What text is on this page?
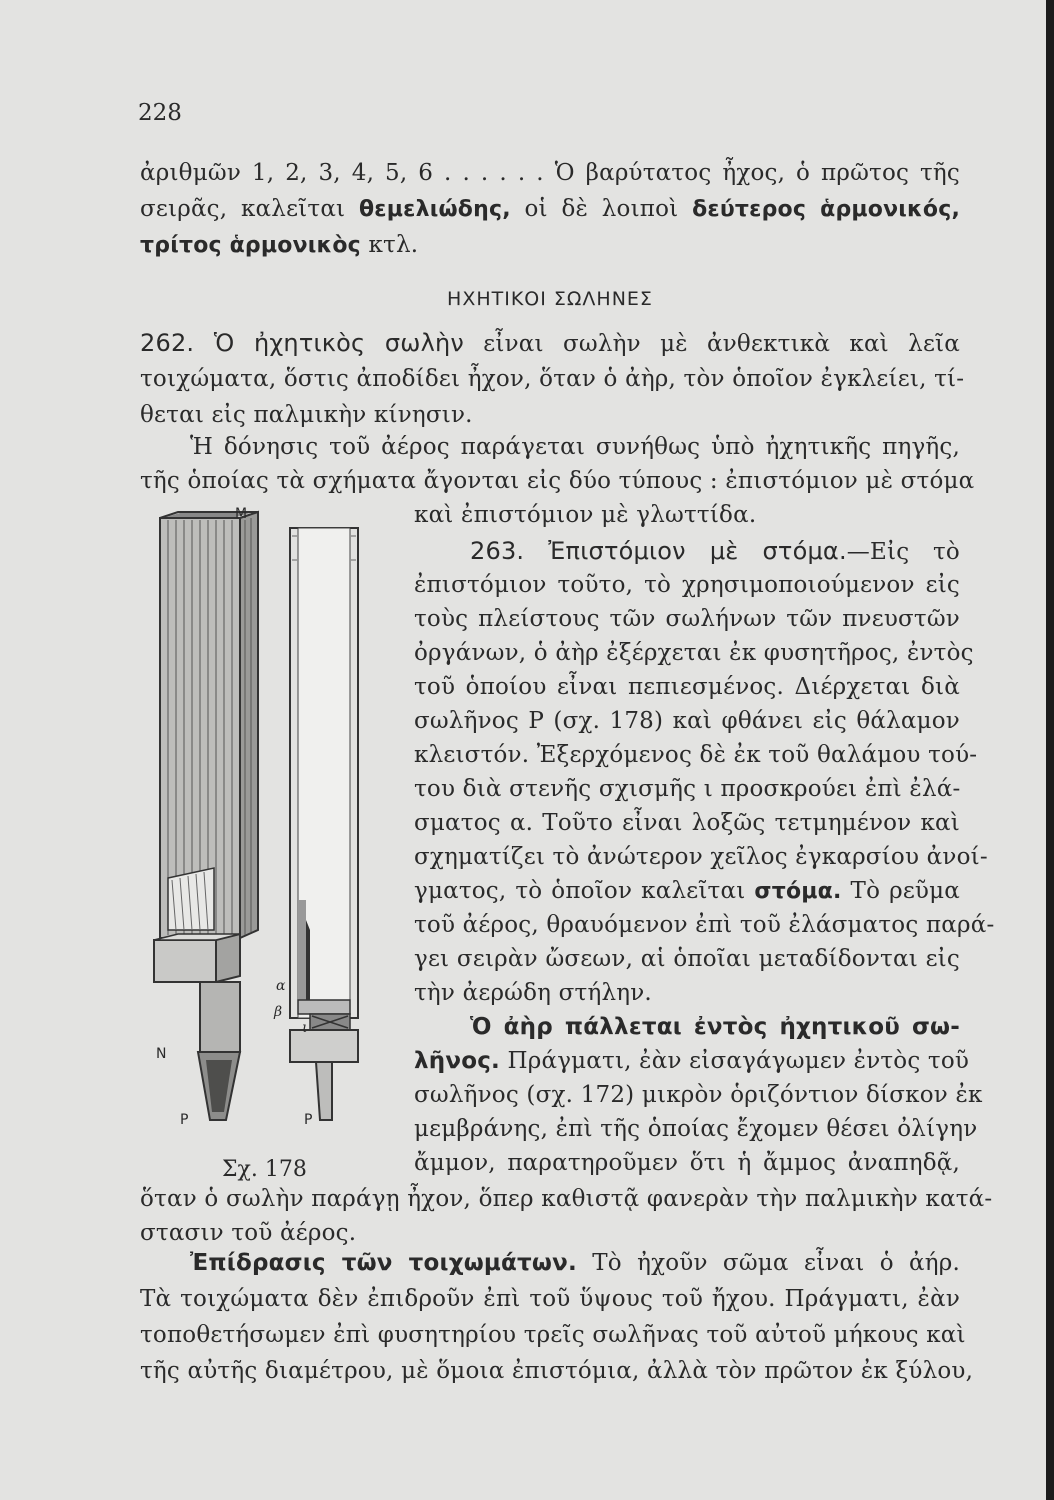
228
ἀριθμῶν 1, 2, 3, 4, 5, 6 . . . . . . Ὁ βαρύτατος ἦχος, ὁ πρῶτος τῆς
σειρᾶς, καλεῖται θεμελιώδης, οἱ δὲ λοιποὶ δεύτερος ἁρμονικός,
τρίτος ἁρμονικὸς κτλ.
ΗΧΗΤΙΚΟΙ ΣΩΛΗΝΕΣ
262. Ὁ ἠχητικὸς σωλὴν εἶναι σωλὴν μὲ ἀνθεκτικὰ καὶ λεῖα
τοιχώματα, ὅστις ἀποδίδει ἦχον, ὅταν ὁ ἀὴρ, τὸν ὁποῖον ἐγκλείει, τί-
θεται εἰς παλμικὴν κίνησιν.
Ἡ δόνησις τοῦ ἀέρος παράγεται συνήθως ὑπὸ ἠχητικῆς πηγῆς,
τῆς ὁποίας τὰ σχήματα ἄγονται εἰς δύο τύπους : ἐπιστόμιον μὲ στόμα
καὶ ἐπιστόμιον μὲ γλωττίδα.
263. Ἐπιστόμιον μὲ στόμα.—Εἰς τὸ
ἐπιστόμιον τοῦτο, τὸ χρησιμοποιούμενον εἰς
τοὺς πλείστους τῶν σωλήνων τῶν πνευστῶν
ὀργάνων, ὁ ἀὴρ ἐξέρχεται ἐκ φυσητῆρος, ἐντὸς
τοῦ ὁποίου εἶναι πεπιεσμένος. Διέρχεται διὰ
σωλῆνος Ρ (σχ. 178) καὶ φθάνει εἰς θάλαμον
κλειστόν. Ἐξερχόμενος δὲ ἐκ τοῦ θαλάμου τού-
του διὰ στενῆς σχισμῆς ι προσκρούει ἐπὶ ἐλά-
σματος α. Τοῦτο εἶναι λοξῶς τετμημένον καὶ
σχηματίζει τὸ ἀνώτερον χεῖλος ἐγκαρσίου ἀνοί-
γματος, τὸ ὁποῖον καλεῖται στόμα. Τὸ ρεῦμα
τοῦ ἀέρος, θραυόμενον ἐπὶ τοῦ ἐλάσματος παρά-
γει σειρὰν ὤσεων, αἱ ὁποῖαι μεταδίδονται εἰς
τὴν ἀερώδη στήλην.
Ὁ ἀὴρ πάλλεται ἐντὸς ἠχητικοῦ σω-
λῆνος. Πράγματι, ἐὰν εἰσαγάγωμεν ἐντὸς τοῦ
σωλῆνος (σχ. 172) μικρὸν ὁριζόντιον δίσκον ἐκ
μεμβράνης, ἐπὶ τῆς ὁποίας ἔχομεν θέσει ὀλίγην
ἄμμον, παρατηροῦμεν ὅτι ἡ ἄμμος ἀναπηδᾷ,
M
N
P	P
α
β
ι
Σχ. 178
ὅταν ὁ σωλὴν παράγῃ ἦχον, ὅπερ καθιστᾷ φανερὰν τὴν παλμικὴν κατά-
στασιν τοῦ ἀέρος.
Ἐπίδρασις τῶν τοιχωμάτων. Τὸ ἠχοῦν σῶμα εἶναι ὁ ἀήρ.
Τὰ τοιχώματα δὲν ἐπιδροῦν ἐπὶ τοῦ ὕψους τοῦ ἤχου. Πράγματι, ἐὰν
τοποθετήσωμεν ἐπὶ φυσητηρίου τρεῖς σωλῆνας τοῦ αὐτοῦ μήκους καὶ
τῆς αὐτῆς διαμέτρου, μὲ ὅμοια ἐπιστόμια, ἀλλὰ τὸν πρῶτον ἐκ ξύλου,
